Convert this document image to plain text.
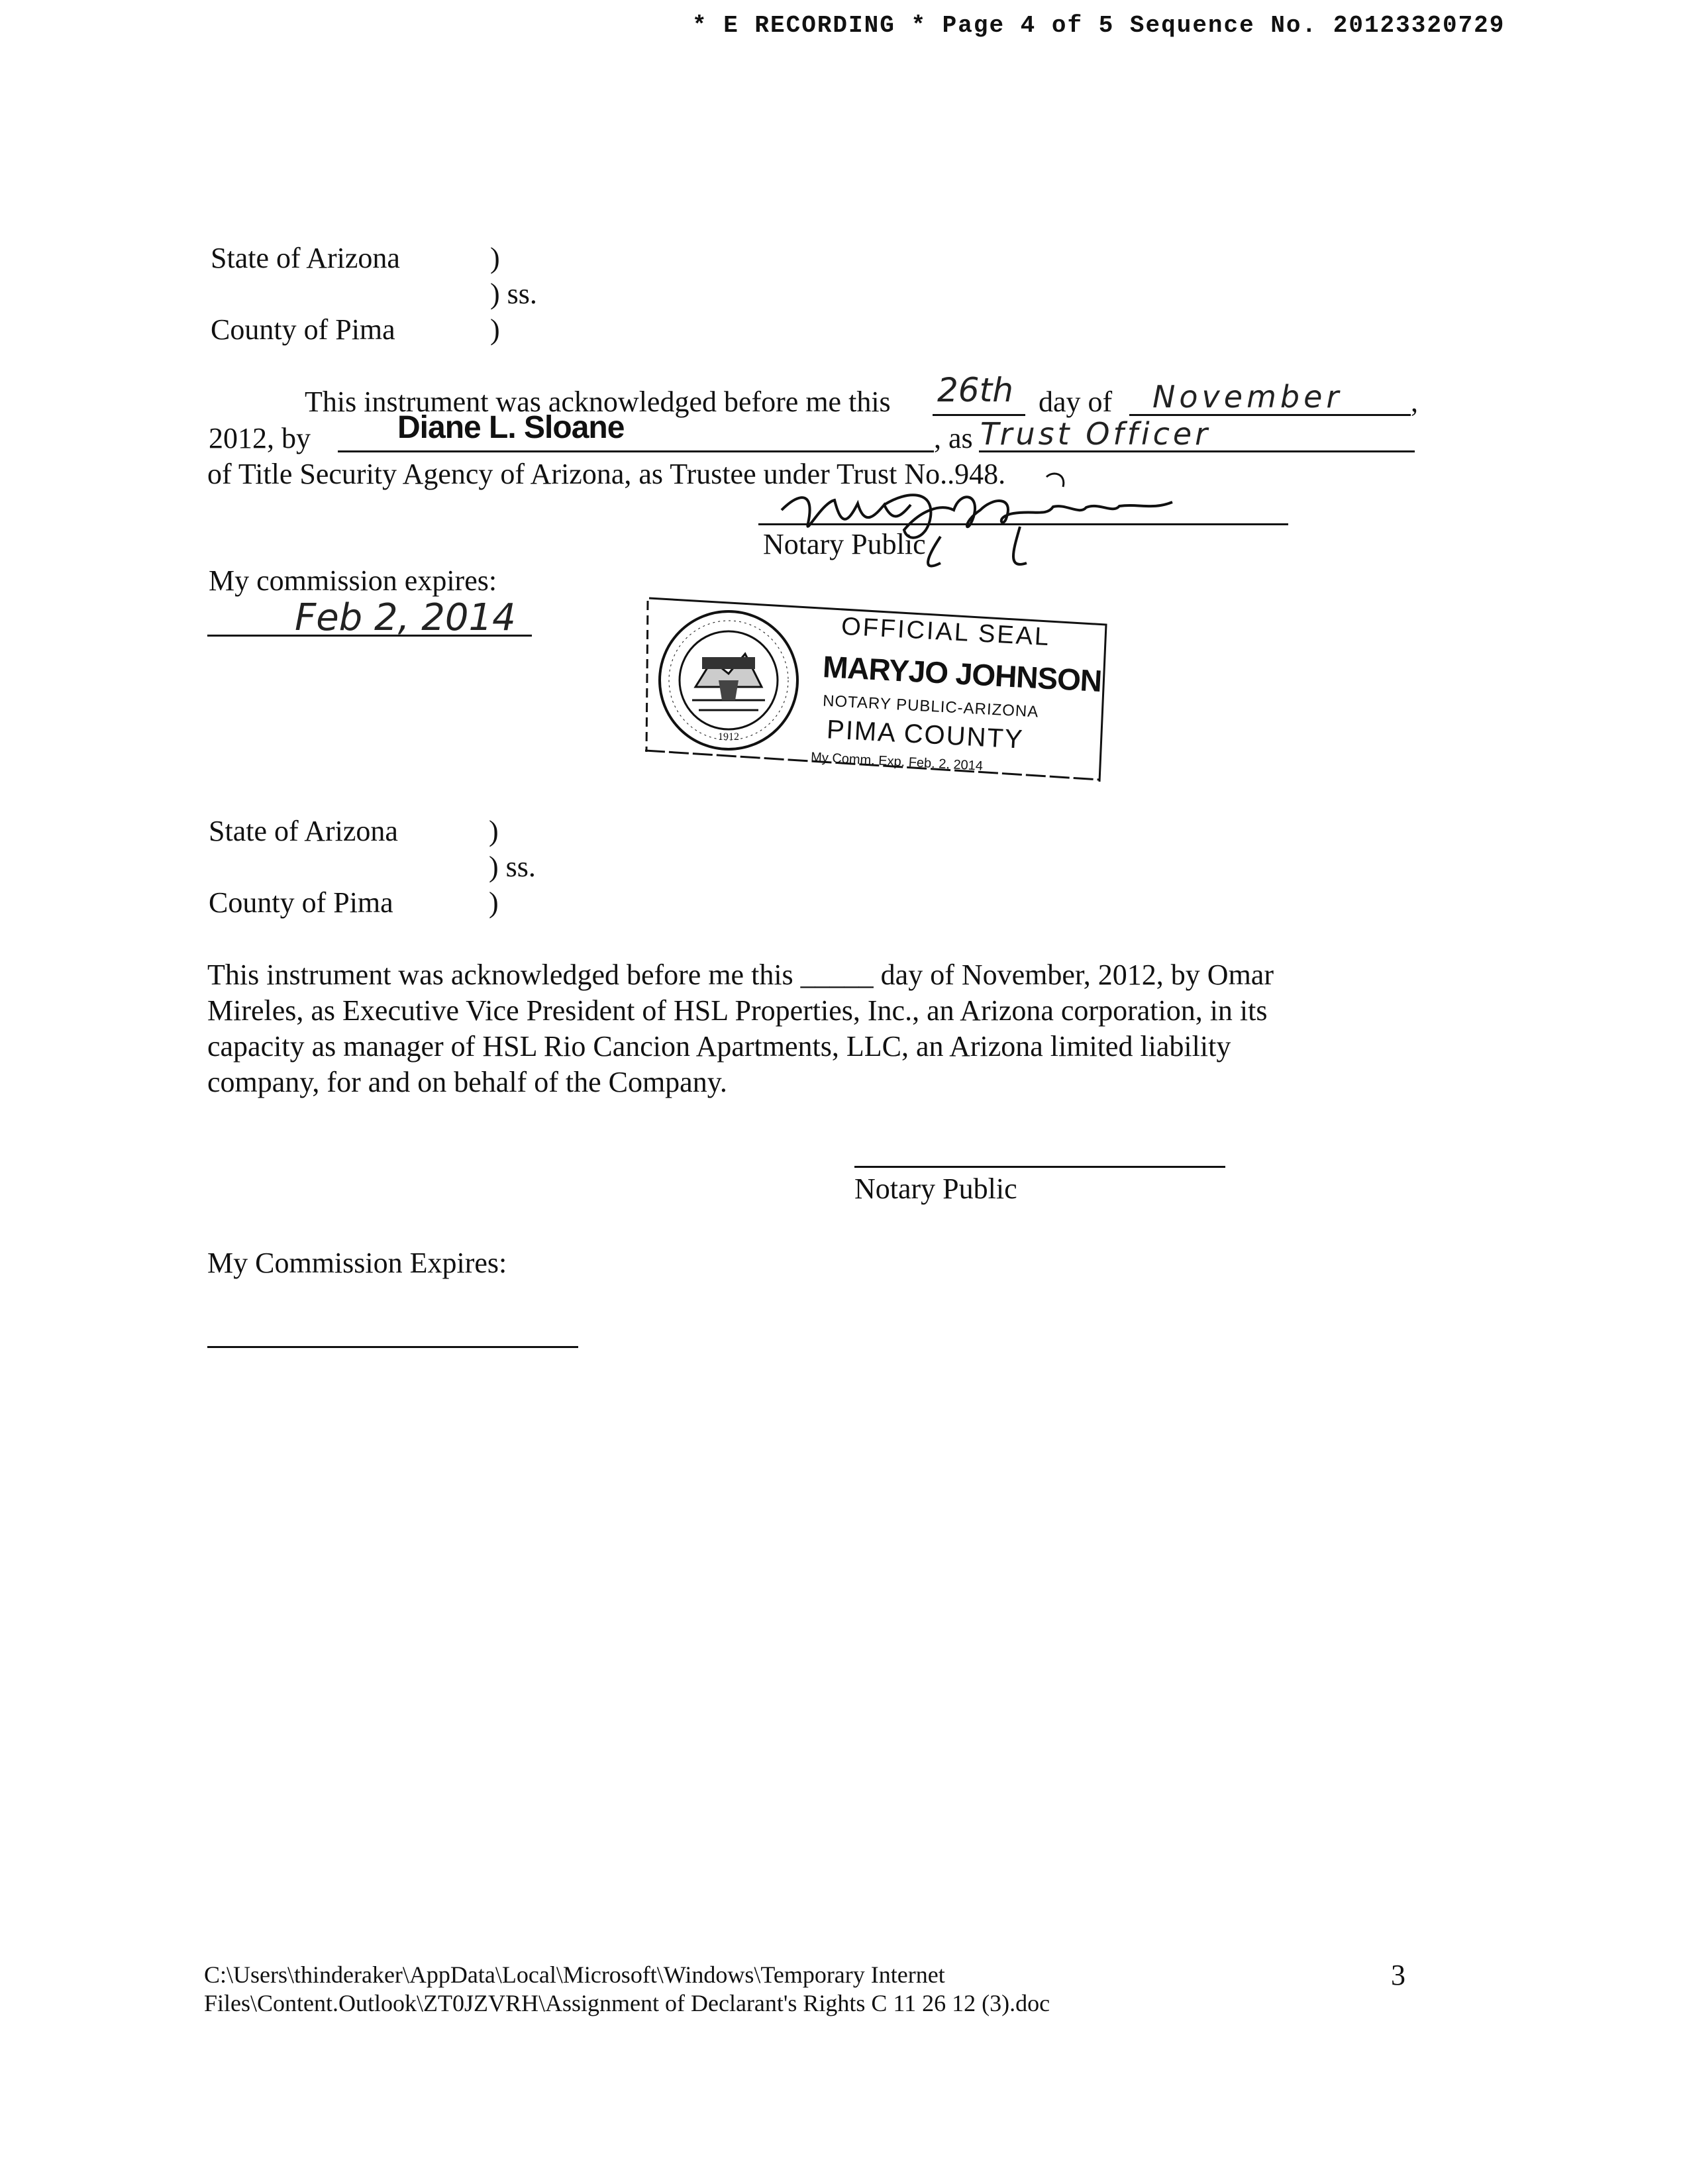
* E RECORDING * Page 4 of 5 Sequence No. 20123320729
State of Arizona	)
) ss.
County of Pima	)
This instrument was acknowledged before me this 26th day of November ,
2012, by	Diane L. Sloane	, as Trust Officer
of Title Security Agency of Arizona, as Trustee under Trust No..948.
Notary Public
My commission expires:
Feb 2, 2014
1912
OFFICIAL SEAL
MARYJO JOHNSON
NOTARY PUBLIC-ARIZONA
PIMA COUNTY
My Comm. Exp. Feb. 2, 2014
State of Arizona	)
) ss.
County of Pima	)
This instrument was acknowledged before me this _____ day of November, 2012, by Omar
Mireles, as Executive Vice President of HSL Properties, Inc., an Arizona corporation, in its
capacity as manager of HSL Rio Cancion Apartments, LLC, an Arizona limited liability
company, for and on behalf of the Company.
Notary Public
My Commission Expires:
C:\Users\thinderaker\AppData\Local\Microsoft\Windows\Temporary Internet
Files\Content.Outlook\ZT0JZVRH\Assignment of Declarant's Rights C 11 26 12 (3).doc
3
